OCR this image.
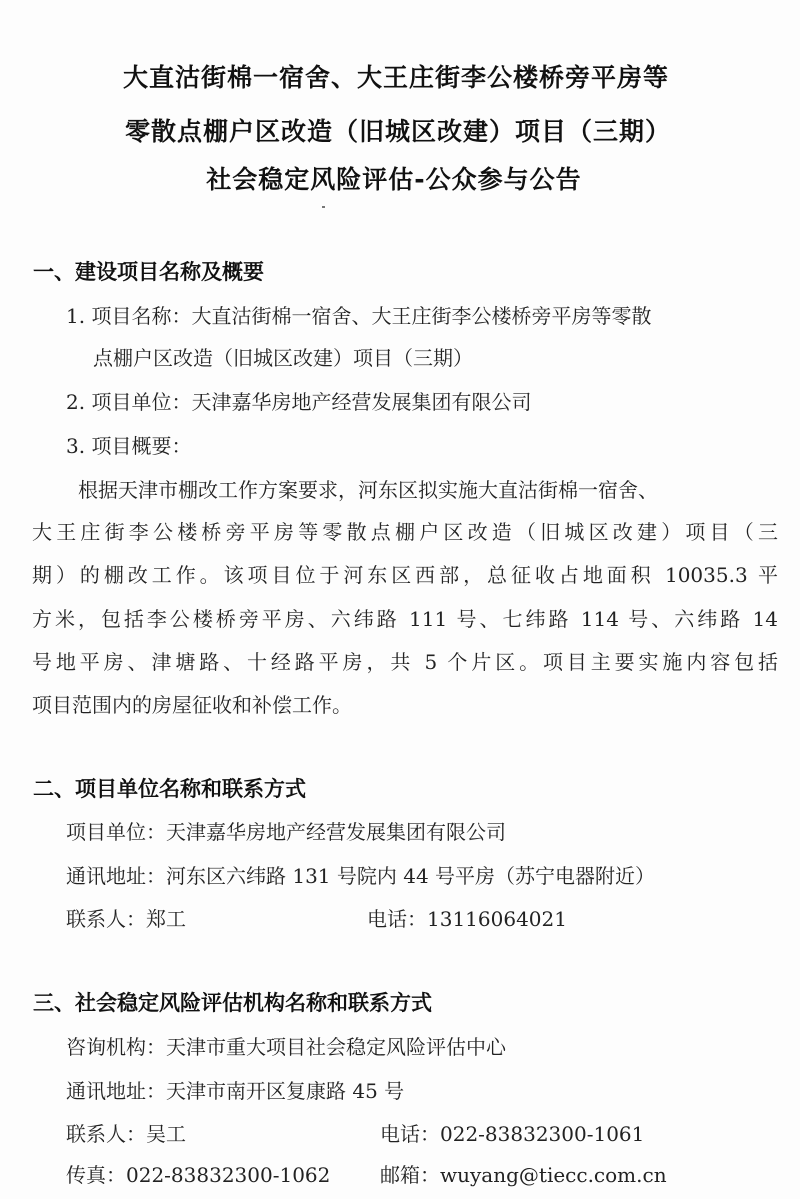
大直沽街棉一宿舍、大王庄街李公楼桥旁平房等
零散点棚户区改造（旧城区改建）项目（三期）
社会稳定风险评估-公众参与公告
一、建设项目名称及概要
1. 项目名称：大直沽街棉一宿舍、大王庄街李公楼桥旁平房等零散
点棚户区改造（旧城区改建）项目（三期）
2. 项目单位：天津嘉华房地产经营发展集团有限公司
3. 项目概要：
根据天津市棚改工作方案要求，河东区拟实施大直沽街棉一宿舍、
大王庄街李公楼桥旁平房等零散点棚户区改造（旧城区改建）项目（三
期）的棚改工作。该项目位于河东区西部，总征收占地面积 10035.3 平
方米，包括李公楼桥旁平房、六纬路 111 号、七纬路 114 号、六纬路 14
号地平房、津塘路、十经路平房，共 5 个片区。项目主要实施内容包括
项目范围内的房屋征收和补偿工作。
二、项目单位名称和联系方式
项目单位：天津嘉华房地产经营发展集团有限公司
通讯地址：河东区六纬路 131 号院内 44 号平房（苏宁电器附近）
联系人：郑工	电话：13116064021
三、社会稳定风险评估机构名称和联系方式
咨询机构：天津市重大项目社会稳定风险评估中心
通讯地址：天津市南开区复康路 45 号
联系人：吴工	电话：022-83832300-1061
传真：022-83832300-1062 邮箱：wuyang@tiecc.com.cn
